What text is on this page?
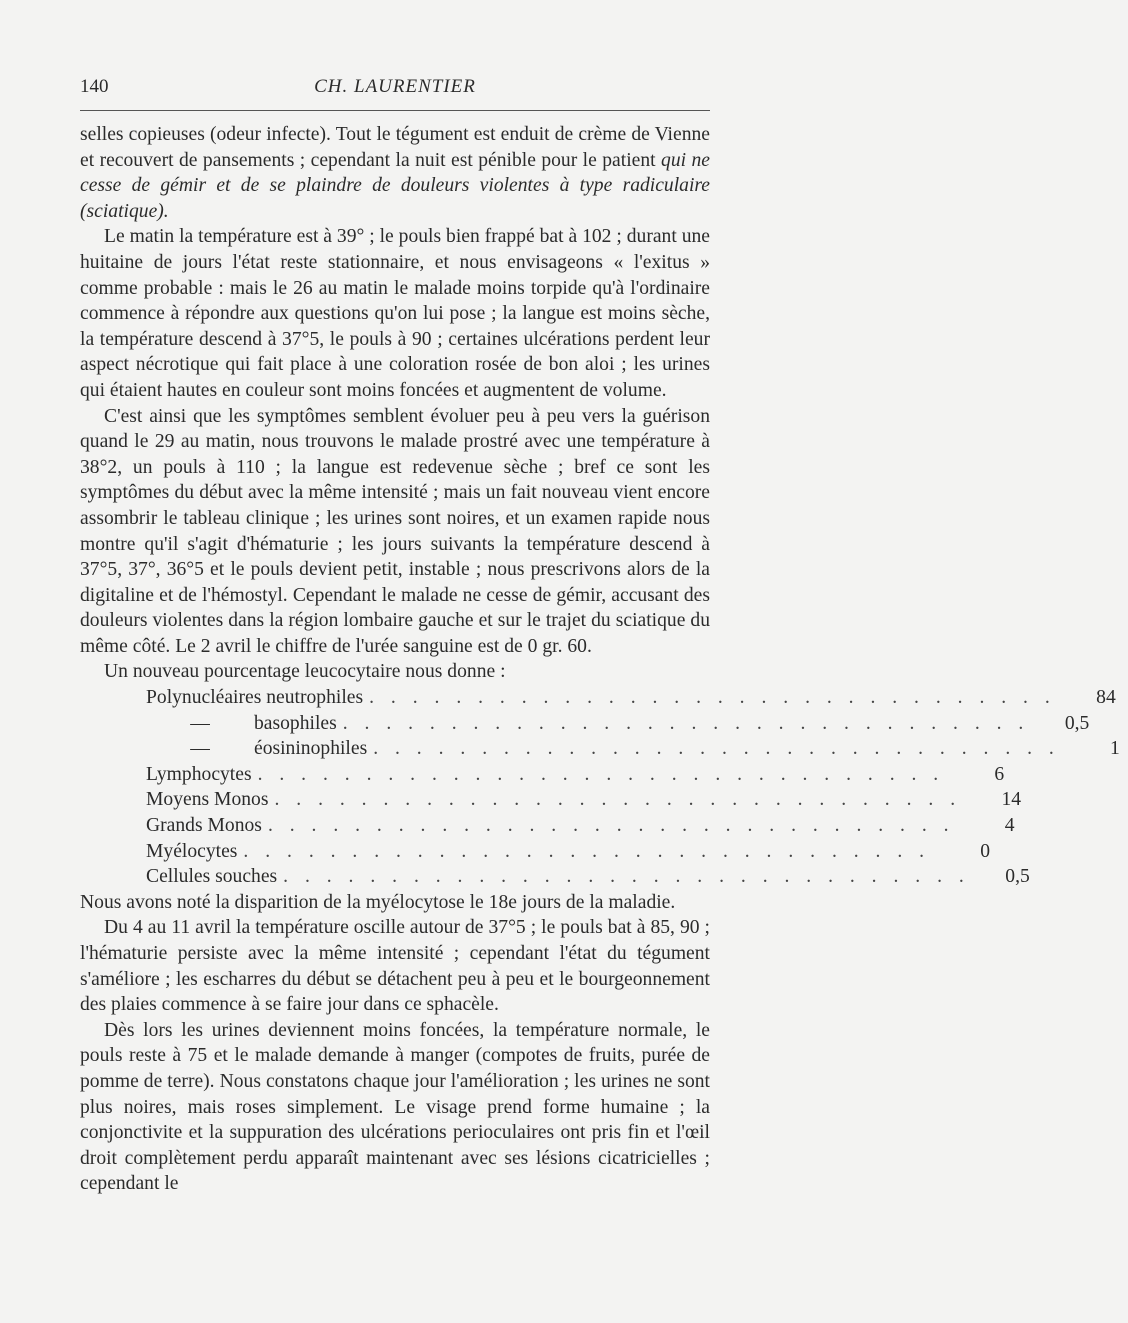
140	CH. LAURENTIER

selles copieuses (odeur infecte). Tout le tégument est enduit de crème de Vienne et recouvert de pansements ; cependant la nuit est pénible pour le patient qui ne cesse de gémir et de se plaindre de douleurs violentes à type radiculaire (sciatique).

Le matin la température est à 39° ; le pouls bien frappé bat à 102 ; durant une huitaine de jours l'état reste stationnaire, et nous envisageons « l'exitus » comme probable : mais le 26 au matin le malade moins torpide qu'à l'ordinaire commence à répondre aux questions qu'on lui pose ; la langue est moins sèche, la température descend à 37°5, le pouls à 90 ; certaines ulcérations perdent leur aspect nécrotique qui fait place à une coloration rosée de bon aloi ; les urines qui étaient hautes en couleur sont moins foncées et augmentent de volume.

C'est ainsi que les symptômes semblent évoluer peu à peu vers la guérison quand le 29 au matin, nous trouvons le malade prostré avec une température à 38°2, un pouls à 110 ; la langue est redevenue sèche ; bref ce sont les symptômes du début avec la même intensité ; mais un fait nouveau vient encore assombrir le tableau clinique ; les urines sont noires, et un examen rapide nous montre qu'il s'agit d'hématurie ; les jours suivants la température descend à 37°5, 37°, 36°5 et le pouls devient petit, instable ; nous prescrivons alors de la digitaline et de l'hémostyl. Cependant le malade ne cesse de gémir, accusant des douleurs violentes dans la région lombaire gauche et sur le trajet du sciatique du même côté. Le 2 avril le chiffre de l'urée sanguine est de 0 gr. 60.

Un nouveau pourcentage leucocytaire nous donne :

Polynucléaires neutrophiles . . . . . . . . . . . . . . . . . . . . . . . . . . . . . . . .	84
— basophiles . . . . . . . . . . . . . . . . . . . . . . . . . . . . . . . .	0,5
— éosininophiles . . . . . . . . . . . . . . . . . . . . . . . . . . . . . . . .	1
Lymphocytes . . . . . . . . . . . . . . . . . . . . . . . . . . . . . . . .	6
Moyens Monos . . . . . . . . . . . . . . . . . . . . . . . . . . . . . . . .	14
Grands Monos . . . . . . . . . . . . . . . . . . . . . . . . . . . . . . . .	4
Myélocytes . . . . . . . . . . . . . . . . . . . . . . . . . . . . . . . .	0
Cellules souches . . . . . . . . . . . . . . . . . . . . . . . . . . . . . . . .	0,5

Nous avons noté la disparition de la myélocytose le 18e jours de la maladie.

Du 4 au 11 avril la température oscille autour de 37°5 ; le pouls bat à 85, 90 ; l'hématurie persiste avec la même intensité ; cependant l'état du tégument s'améliore ; les escharres du début se détachent peu à peu et le bourgeonnement des plaies commence à se faire jour dans ce sphacèle.

Dès lors les urines deviennent moins foncées, la température normale, le pouls reste à 75 et le malade demande à manger (compotes de fruits, purée de pomme de terre). Nous constatons chaque jour l'amélioration ; les urines ne sont plus noires, mais roses simplement. Le visage prend forme humaine ; la conjonctivite et la suppuration des ulcérations perioculaires ont pris fin et l'œil droit complètement perdu apparaît maintenant avec ses lésions cicatricielles ; cependant le
